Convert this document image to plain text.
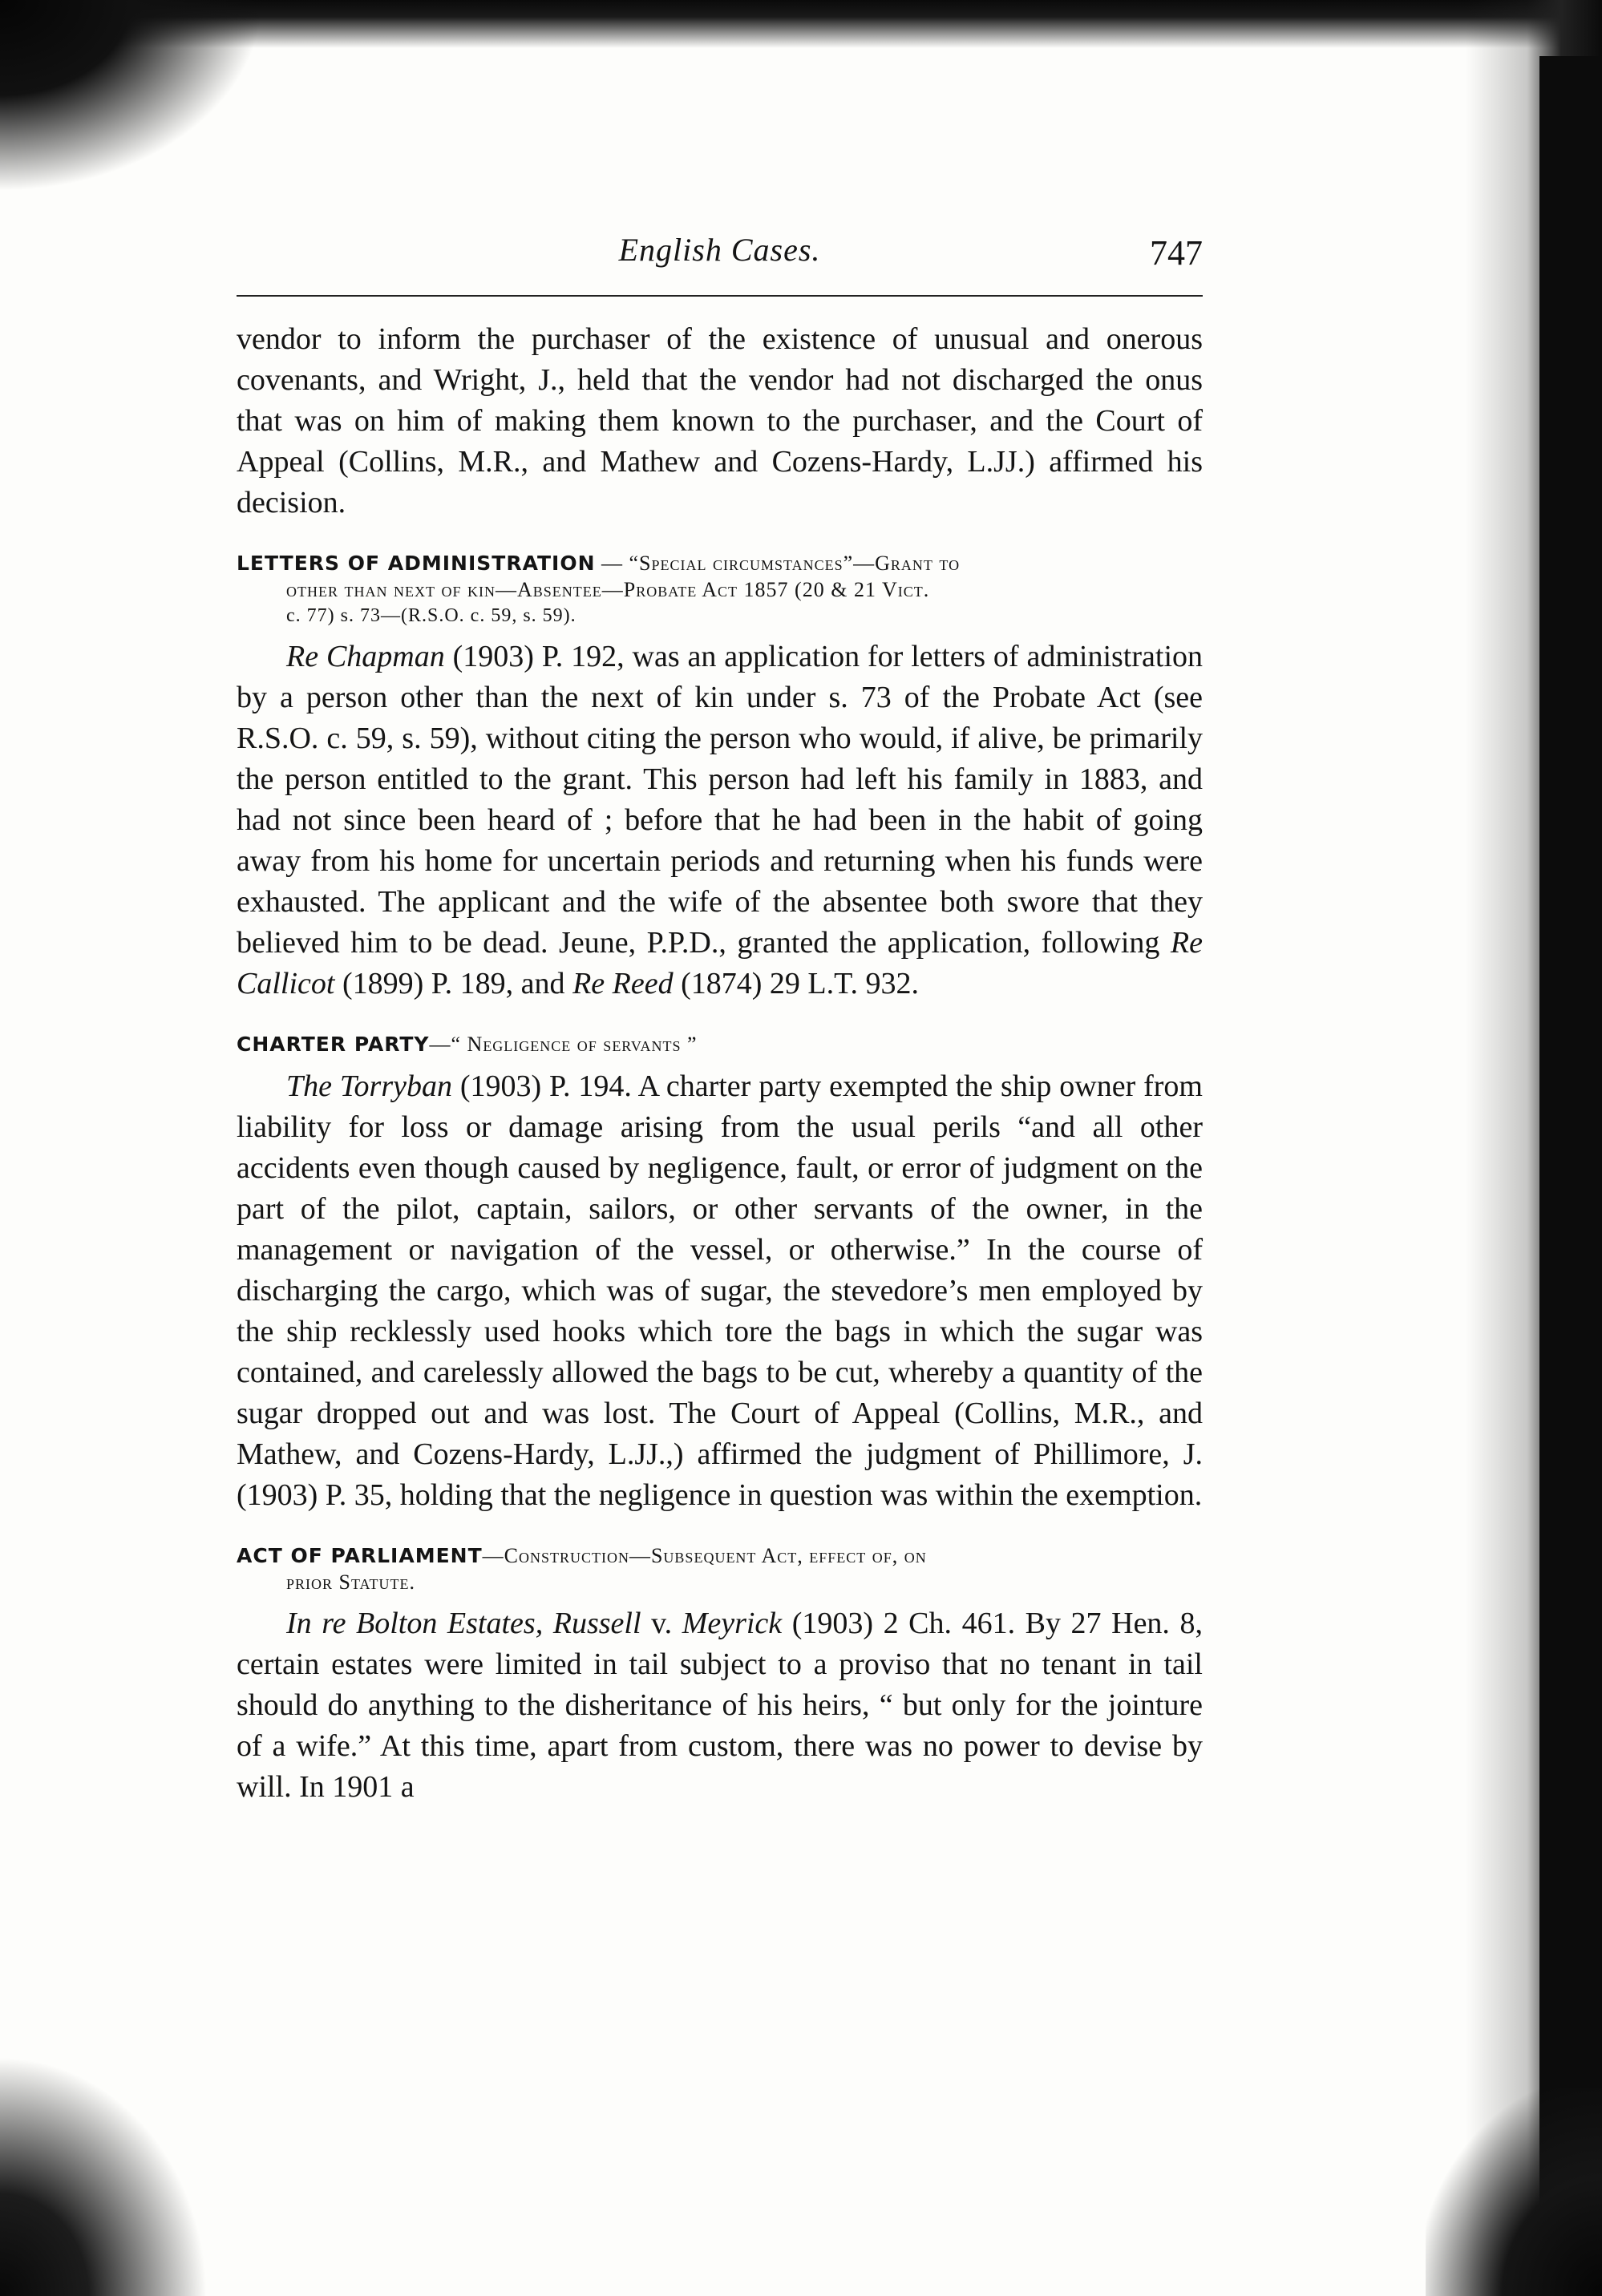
English Cases.	747

vendor to inform the purchaser of the existence of unusual and onerous covenants, and Wright, J., held that the vendor had not discharged the onus that was on him of making them known to the purchaser, and the Court of Appeal (Collins, M.R., and Mathew and Cozens-Hardy, L.JJ.) affirmed his decision.

LETTERS OF ADMINISTRATION — “Special circumstances”—Grant to
other than next of kin—Absentee—Probate Act 1857 (20 & 21 Vict.
c. 77) s. 73—(R.S.O. c. 59, s. 59).

Re Chapman (1903) P. 192, was an application for letters of administration by a person other than the next of kin under s. 73 of the Probate Act (see R.S.O. c. 59, s. 59), without citing the person who would, if alive, be primarily the person entitled to the grant. This person had left his family in 1883, and had not since been heard of ; before that he had been in the habit of going away from his home for uncertain periods and returning when his funds were exhausted. The applicant and the wife of the absentee both swore that they believed him to be dead. Jeune, P.P.D., granted the application, following Re Callicot (1899) P. 189, and Re Reed (1874) 29 L.T. 932.

CHARTER PARTY—“ Negligence of servants ”

The Torryban (1903) P. 194. A charter party exempted the ship owner from liability for loss or damage arising from the usual perils “and all other accidents even though caused by negligence, fault, or error of judgment on the part of the pilot, captain, sailors, or other servants of the owner, in the management or navigation of the vessel, or otherwise.” In the course of discharging the cargo, which was of sugar, the stevedore’s men employed by the ship recklessly used hooks which tore the bags in which the sugar was contained, and carelessly allowed the bags to be cut, whereby a quantity of the sugar dropped out and was lost. The Court of Appeal (Collins, M.R., and Mathew, and Cozens-Hardy, L.JJ.,) affirmed the judgment of Phillimore, J. (1903) P. 35, holding that the negligence in question was within the exemption.

ACT OF PARLIAMENT—Construction—Subsequent Act, effect of, on
prior Statute.

In re Bolton Estates, Russell v. Meyrick (1903) 2 Ch. 461. By 27 Hen. 8, certain estates were limited in tail subject to a proviso that no tenant in tail should do anything to the disheritance of his heirs, “ but only for the jointure of a wife.” At this time, apart from custom, there was no power to devise by will. In 1901 a
